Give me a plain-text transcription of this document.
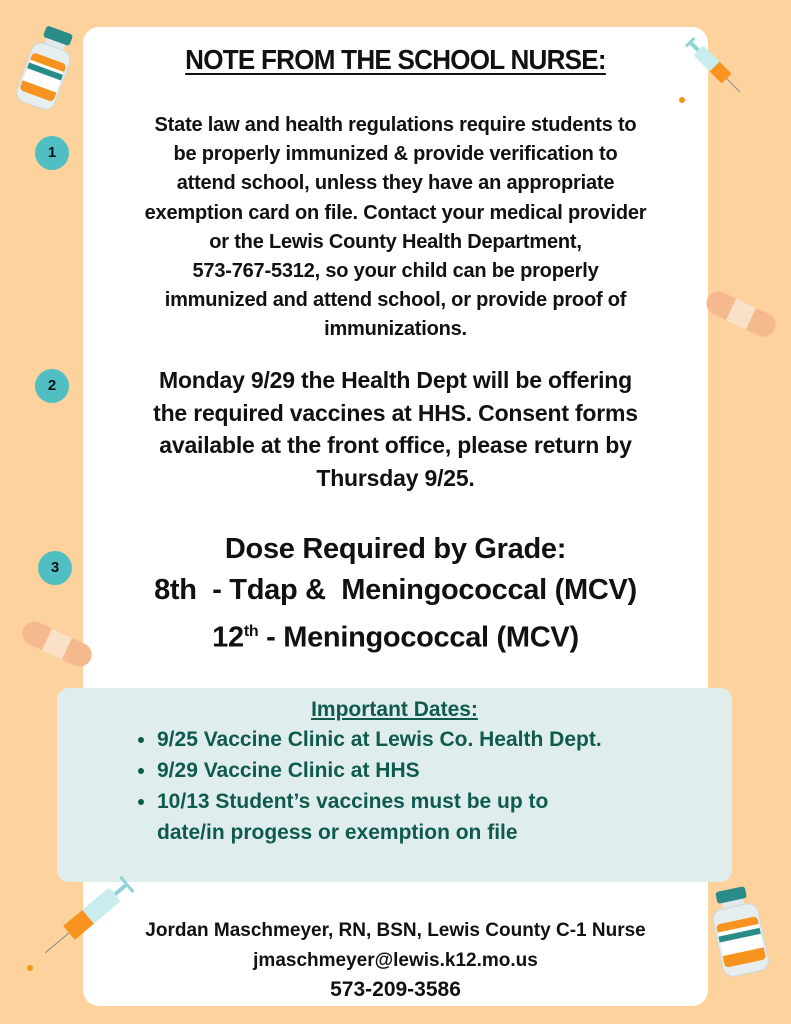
NOTE FROM THE SCHOOL NURSE:
1
2
3
State law and health regulations require students to
be properly immunized & provide verification to
attend school, unless they have an appropriate
exemption card on file. Contact your medical provider
or the Lewis County Health Department,
573-767-5312, so your child can be properly
immunized and attend school, or provide proof of
immunizations.
Monday 9/29 the Health Dept will be offering
the required vaccines at HHS. Consent forms
available at the front office, please return by
Thursday 9/25.
Dose Required by Grade:
8th  - Tdap &  Meningococcal (MCV)
12th - Meningococcal (MCV)
Important Dates:
• 9/25 Vaccine Clinic at Lewis Co. Health Dept.
• 9/29 Vaccine Clinic at HHS
• 10/13 Student’s vaccines must be up to date/in progess or exemption on file
Jordan Maschmeyer, RN, BSN, Lewis County C-1 Nurse
jmaschmeyer@lewis.k12.mo.us
573-209-3586
